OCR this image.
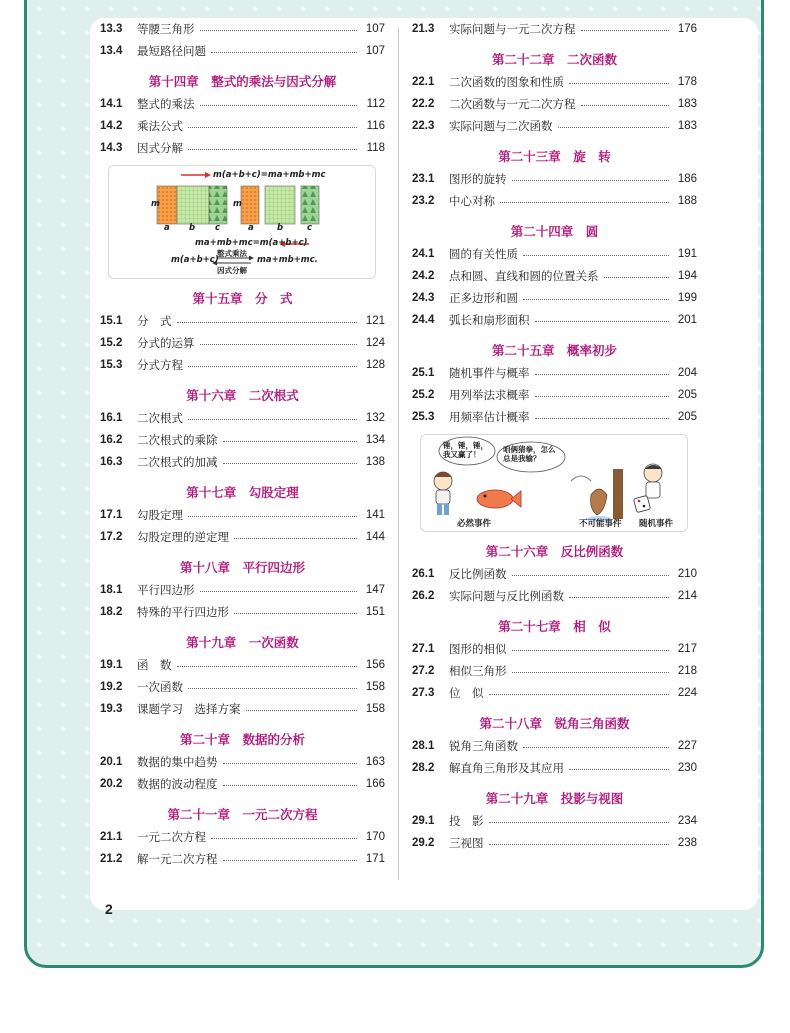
13.3	等腰三角形	107
13.4	最短路径问题	107
第十四章　整式的乘法与因式分解
14.1	整式的乘法	112
14.2	乘法公式	116
14.3	因式分解	118
m(a+b+c)=ma+mb+mc
m	m
a b c	a	b	c
ma+mb+mc=m(a+b+c)
m(a+b+c)
整式乘法
因式分解
ma+mb+mc.
第十五章　分　式
15.1	分　式	121
15.2	分式的运算	124
15.3	分式方程	128
第十六章　二次根式
16.1	二次根式	132
16.2	二次根式的乘除	134
16.3	二次根式的加减	138
第十七章　勾股定理
17.1	勾股定理	141
17.2	勾股定理的逆定理	144
第十八章　平行四边形
18.1	平行四边形	147
18.2	特殊的平行四边形	151
第十九章　一次函数
19.1	函　数	156
19.2	一次函数	158
19.3	课题学习　选择方案	158
第二十章　数据的分析
20.1	数据的集中趋势	163
20.2	数据的波动程度	166
第二十一章　一元二次方程
21.1	一元二次方程	170
21.2	解一元二次方程	171
21.3	实际问题与一元二次方程	176
第二十二章　二次函数
22.1	二次函数的图象和性质	178
22.2	二次函数与一元二次方程	183
22.3	实际问题与二次函数	183
第二十三章　旋　转
23.1	图形的旋转	186
23.2	中心对称	188
第二十四章　圆
24.1	圆的有关性质	191
24.2	点和圆、直线和圆的位置关系	194
24.3	正多边形和圆	199
24.4	弧长和扇形面积	201
第二十五章　概率初步
25.1	随机事件与概率	204
25.2	用列举法求概率	205
25.3	用频率估计概率	205
锤，锤，锤，我又赢了！
咱俩猜拳，怎么总是我输？
必然事件	不可能事件 随机事件
第二十六章　反比例函数
26.1	反比例函数	210
26.2	实际问题与反比例函数	214
第二十七章　相　似
27.1	图形的相似	217
27.2	相似三角形	218
27.3	位　似	224
第二十八章　锐角三角函数
28.1	锐角三角函数	227
28.2	解直角三角形及其应用	230
第二十九章　投影与视图
29.1	投　影	234
29.2	三视图	238
2
